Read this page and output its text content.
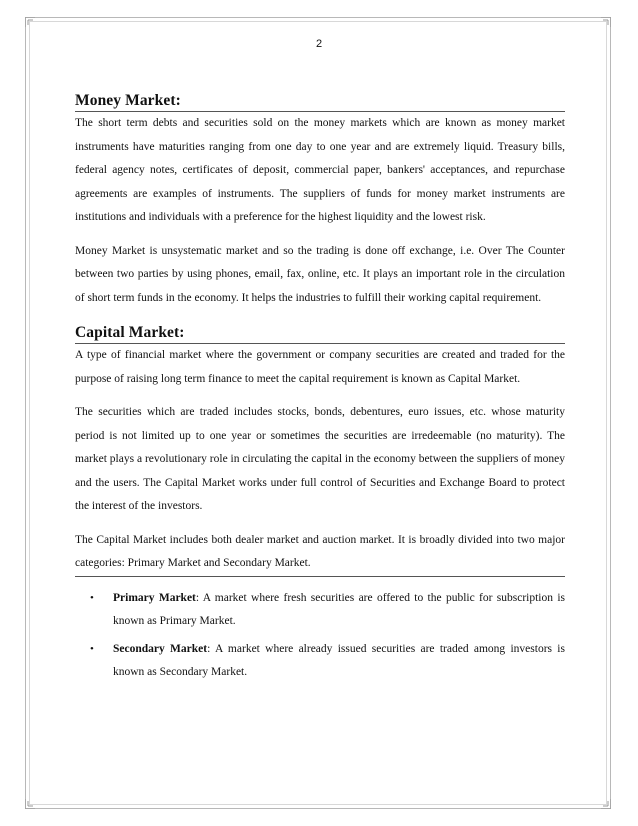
2
Money Market:

The short term debts and securities sold on the money markets which are known as money market instruments have maturities ranging from one day to one year and are extremely liquid. Treasury bills, federal agency notes, certificates of deposit, commercial paper, bankers' acceptances, and repurchase agreements are examples of instruments. The suppliers of funds for money market instruments are institutions and individuals with a preference for the highest liquidity and the lowest risk.

Money Market is unsystematic market and so the trading is done off exchange, i.e. Over The Counter between two parties by using phones, email, fax, online, etc. It plays an important role in the circulation of short term funds in the economy. It helps the industries to fulfill their working capital requirement.

Capital Market:

A type of financial market where the government or company securities are created and traded for the purpose of raising long term finance to meet the capital requirement is known as Capital Market.

The securities which are traded includes stocks, bonds, debentures, euro issues, etc. whose maturity period is not limited up to one year or sometimes the securities are irredeemable (no maturity). The market plays a revolutionary role in circulating the capital in the economy between the suppliers of money and the users. The Capital Market works under full control of Securities and Exchange Board to protect the interest of the investors.

The Capital Market includes both dealer market and auction market. It is broadly divided into two major categories: Primary Market and Secondary Market.

• Primary Market: A market where fresh securities are offered to the public for subscription is known as Primary Market.
• Secondary Market: A market where already issued securities are traded among investors is known as Secondary Market.
